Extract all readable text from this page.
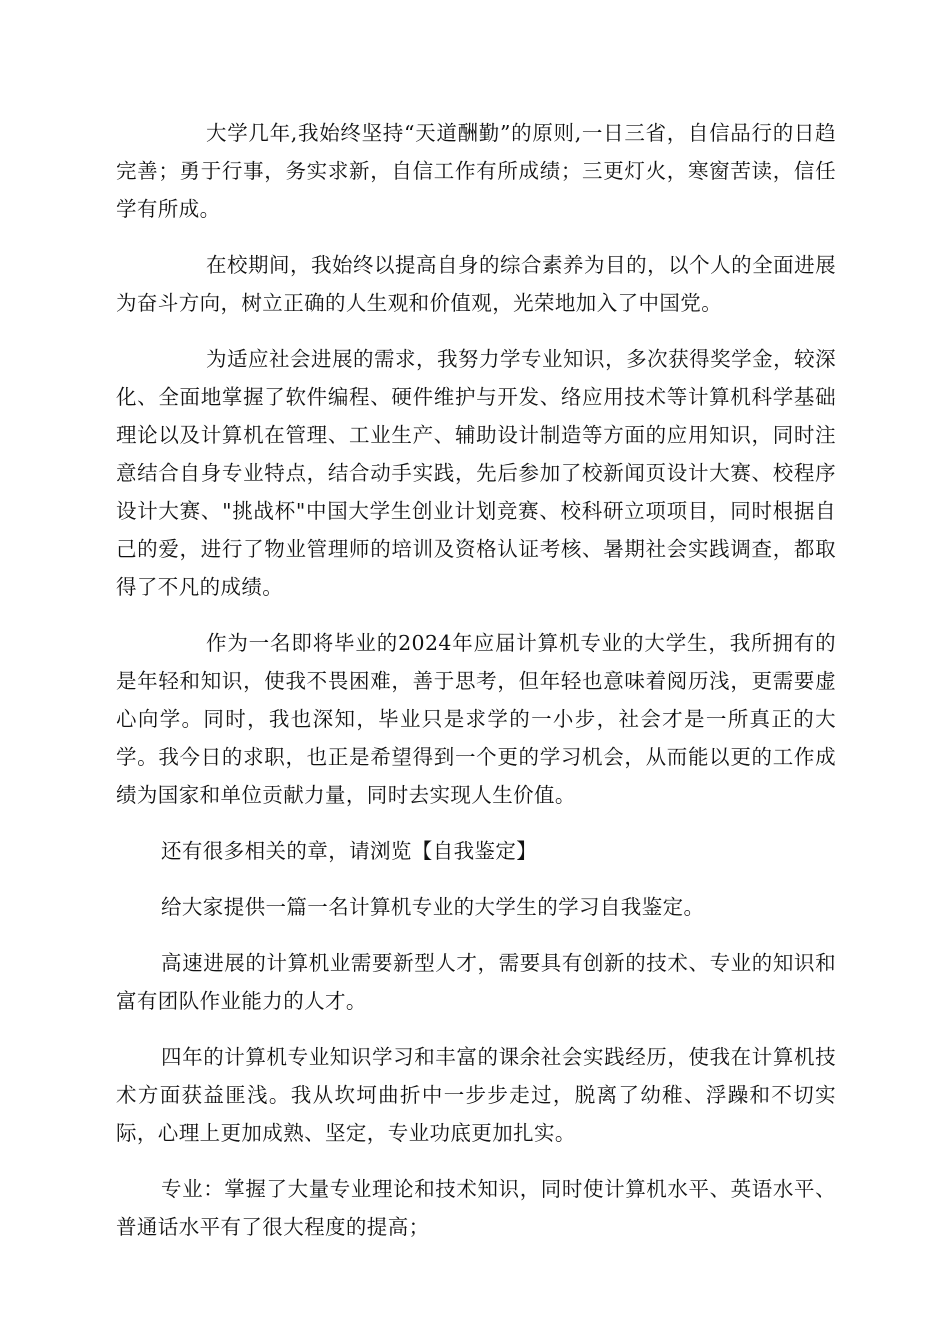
大学几年,我始终坚持“天道酬勤”的原则,一日三省，自信品行的日趋完善；勇于行事，务实求新，自信工作有所成绩；三更灯火，寒窗苦读，信任学有所成。

在校期间，我始终以提高自身的综合素养为目的，以个人的全面进展为奋斗方向，树立正确的人生观和价值观，光荣地加入了中国党。

为适应社会进展的需求，我努力学专业知识，多次获得奖学金，较深化、全面地掌握了软件编程、硬件维护与开发、络应用技术等计算机科学基础理论以及计算机在管理、工业生产、辅助设计制造等方面的应用知识，同时注意结合自身专业特点，结合动手实践，先后参加了校新闻页设计大赛、校程序设计大赛、"挑战杯"中国大学生创业计划竞赛、校科研立项项目，同时根据自己的爱，进行了物业管理师的培训及资格认证考核、暑期社会实践调查，都取得了不凡的成绩。

作为一名即将毕业的2024年应届计算机专业的大学生，我所拥有的是年轻和知识，使我不畏困难，善于思考，但年轻也意味着阅历浅，更需要虚心向学。同时，我也深知，毕业只是求学的一小步，社会才是一所真正的大学。我今日的求职，也正是希望得到一个更的学习机会，从而能以更的工作成绩为国家和单位贡献力量，同时去实现人生价值。

还有很多相关的章，请浏览【自我鉴定】

给大家提供一篇一名计算机专业的大学生的学习自我鉴定。

高速进展的计算机业需要新型人才，需要具有创新的技术、专业的知识和富有团队作业能力的人才。

四年的计算机专业知识学习和丰富的课余社会实践经历，使我在计算机技术方面获益匪浅。我从坎坷曲折中一步步走过，脱离了幼稚、浮躁和不切实际，心理上更加成熟、坚定，专业功底更加扎实。

专业：掌握了大量专业理论和技术知识，同时使计算机水平、英语水平、普通话水平有了很大程度的提高；
